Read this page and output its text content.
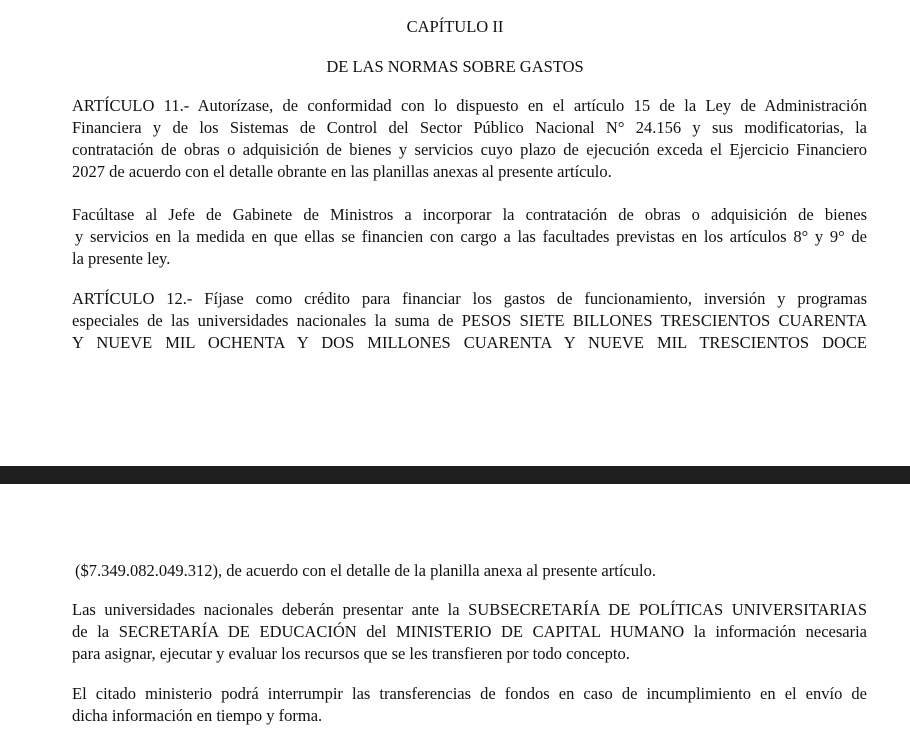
CAPÍTULO II
DE LAS NORMAS SOBRE GASTOS

ARTÍCULO 11.- Autorízase, de conformidad con lo dispuesto en el artículo 15 de la Ley de Administración
Financiera y de los Sistemas de Control del Sector Público Nacional N° 24.156 y sus modificatorias, la
contratación de obras o adquisición de bienes y servicios cuyo plazo de ejecución exceda el Ejercicio Financiero
2027 de acuerdo con el detalle obrante en las planillas anexas al presente artículo.

Facúltase al Jefe de Gabinete de Ministros a incorporar la contratación de obras o adquisición de bienes
y servicios en la medida en que ellas se financien con cargo a las facultades previstas en los artículos 8° y 9° de
la presente ley.

ARTÍCULO 12.- Fíjase como crédito para financiar los gastos de funcionamiento, inversión y programas
especiales de las universidades nacionales la suma de PESOS SIETE BILLONES TRESCIENTOS CUARENTA
Y NUEVE MIL OCHENTA Y DOS MILLONES CUARENTA Y NUEVE MIL TRESCIENTOS DOCE

($7.349.082.049.312), de acuerdo con el detalle de la planilla anexa al presente artículo.

Las universidades nacionales deberán presentar ante la SUBSECRETARÍA DE POLÍTICAS UNIVERSITARIAS
de la SECRETARÍA DE EDUCACIÓN del MINISTERIO DE CAPITAL HUMANO la información necesaria
para asignar, ejecutar y evaluar los recursos que se les transfieren por todo concepto.

El citado ministerio podrá interrumpir las transferencias de fondos en caso de incumplimiento en el envío de
dicha información en tiempo y forma.
